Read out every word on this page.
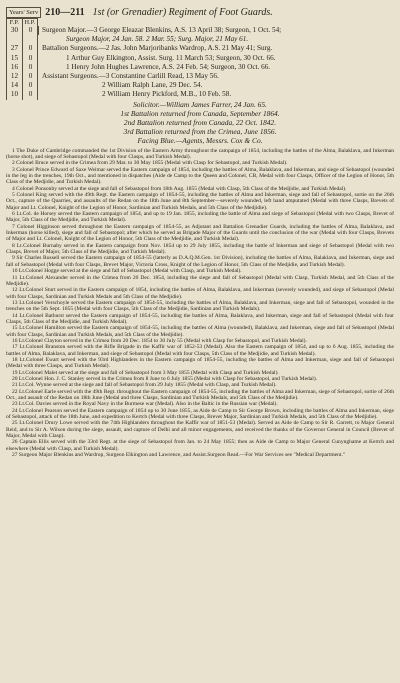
Years' Serv 210—211 1st (or Grenadier) Regiment of Foot Guards.
F.P. H.P.
30

27
15
16
12
14
10
0

0
0
0
0
0
0
Surgeon Major.—3 George Eleazar Blenkins, A.S. 13 April 38; Surgeon, 1 Oct. 54;
Surgeon Major, 24 Jan. 58. 2 Mar. 55; Surg. Major, 21 May 61.
Battalion Surgeons.—2 Jas. John Marjoribanks Wardrop, A.S. 21 May 41; Surg.
1 Arthur Guy Elkington, Assist. Surg. 11 March 53; Surgeon, 30 Oct. 66.
1 Henry John Hughes Lawrence, A.S. 24 Feb. 54; Surgeon, 30 Oct. 66.
Assistant Surgeons.—3 Constantine Carlill Read, 13 May 56.
2 William Ralph Lane, 29 Dec. 54.
2 William Henry Pickford, M.B., 10 Feb. 58.
Solicitor.—William James Farrer, 24 Jan. 65.
1st Battalion returned from Canada, September 1864.
2nd Battalion returned from Canada, 22 Oct. 1842.
3rd Battalion returned from the Crimea, June 1856.
Facing Blue.—Agents, Messrs. Cox & Co.

1 The Duke of Cambridge commanded the 1st Division of the Eastern Army throughout the campaign of 1854, including the battles of the Alma, Balaklava, and Inkerman (horse shot), and siege of Sebastopol (Medal with four Clasps, and Turkish Medal).

2 Colonel Bruce served in the Crimea from 29 Mar. to 30 May 1855 (Medal with Clasp for Sebastopol, and Turkish Medal).

3 Colonel Prince Edward of Saxe Weimar served the Eastern campaign of 1854, including the battles of Alma, Balaklava, and Inkerman, and siege of Sebastopol (wounded in the leg in the trenches, 19th Oct., and mentioned in dispatches (Aide de Camp to the Queen and Colonel, CB, Medal with four Clasps, Officer of the Legion of Honor, 5th Class of the Medjidie, and Turkish Medal).

4 Colonel Ponsonby served at the siege and fall of Sebastopol from 18th Aug. 1855 (Medal with Clasp, 5th Class of the Medjidie, and Turkish Medal).

5 Colonel King served with the 49th Regt. the Eastern campaign of 1854-55, including the battles of Alma and Inkerman, siege and fall of Sebastopol, sortie on the 26th Oct., capture of the Quarries, and assaults of the Redan on the 18th June and 8th September—severely wounded, left hand amputated (Medal with three Clasps, Brevets of Major and Lt. Colonel, Knight of the Legion of Honor, Sardinian and Turkish Medals, and 5th Class of the Medjidie).

6 Lt.Col. de Horsey served the Eastern campaign of 1854, and up to 19 Jan. 1855, including the battle of Alma and siege of Sebastopol (Medal with two Clasps, Brevet of Major, 5th Class of the Medjidie, and Turkish Medal).

7 Colonel Higginson served throughout the Eastern campaign of 1854-55, as Adjutant and Battalion Grenadier Guards, including the battles of Alma, Balaklava, and Inkerman (horse killed), siege and fall of Sebastopol; after which he served as Brigade Major of the Guards until the conclusion of the war (Medal with four Clasps, Brevets of Major and Lt. Colonel, Knight of the Legion of Honor, 5th Class of the Medjidie, and Turkish Medal).

8 Lt.Colonel Burnaby served in the Eastern campaign from Nov. 1854 up to 29 July 1855, including the battle of Inkerman and siege of Sebastopol (Medal with two Clasps, Brevet of Major, 5th Class of the Medjidie, and Turkish Medal).

9 Sir Charles Russell served the Eastern campaign of 1854-55 (latterly as D.A.Q.M.Gen. 1st Division), including the battles of Alma, Balaklava, and Inkerman, siege and fall of Sebastopol (Medal with four Clasps, Brevet Major, Victoria Cross, Knight of the Legion of Honor, 5th Class of the Medjidie, and Turkish Medal).

10 Lt.Colonel Hogge served at the siege and fall of Sebastopol (Medal with Clasp, and Turkish Medal).

11 Lt.Colonel Alexander served in the Crimea from 20 Dec. 1854, including the siege and fall of Sebastopol (Medal with Clasp, Turkish Medal, and 5th Class of the Medjidie).

12 Lt.Colonel Sturt served in the Eastern campaign of 1854, including the battles of Alma, Balaklava, and Inkerman (severely wounded), and siege of Sebastopol (Medal with four Clasps, Sardinian and Turkish Medals and 5th Class of the Medjidie).

13 Lt.Colonel Verschoyle served the Eastern campaign of 1854-55, including the battles of Alma, Balaklava, and Inkerman, siege and fall of Sebastopol, wounded in the trenches on the 5th Sept. 1855 (Medal with four Clasps, 5th Class of the Medjidie, Sardinian and Turkish Medals).

14 Lt.Colonel Bathurst served the Eastern campaign of 1854-55, including the battles of Alma, Balaklava, and Inkerman, siege and fall of Sebastopol (Medal with four Clasps, 5th Class of the Medjidie, and Turkish Medal).

15 Lt.Colonel Hamilton served the Eastern campaign of 1854-55, including the battles of Alma (wounded), Balaklava, and Inkerman, siege and fall of Sebastopol (Medal with four Clasps, Sardinian and Turkish Medals, and 5th Class of the Medjidie).

16 Lt.Colonel Clayton served in the Crimea from 20 Dec. 1854 to 30 July 55 (Medal with Clasp for Sebastopol, and Turkish Medal).

17 Lt.Colonel Branston served with the Rifle Brigade in the Kaffir war of 1852-53 (Medal). Also the Eastern campaign of 1854, and up to 6 Aug. 1855, including the battles of Alma, Balaklava, and Inkerman, and siege of Sebastopol (Medal with four Clasps, 5th Class of the Medjidie, and Turkish Medal).

18 Lt.Colonel Ewart served with the 93rd Highlanders in the Eastern campaign of 1854-55, including the battles of Alma and Inkerman, siege and fall of Sebastopol (Medal with three Clasps, and Turkish Medal).

19 Lt.Colonel Malet served at the siege and fall of Sebastopol from 3 May 1855 (Medal with Clasp and Turkish Medal).

20 Lt.Colonel Hon. J. C. Stanley served in the Crimea from 8 June to 6 July 1855 (Medal with Clasp for Sebastopol, and Turkish Medal).

21 Lt.Col. Wynne served at the siege and fall of Sebastopol from 29 July 1855 (Medal with Clasp, and Turkish Medal).

22 Lt.Colonel Earle served with the 49th Regt. throughout the Eastern campaign of 1854-55, including the battles of Alma and Inkerman, siege of Sebastopol, sortie of 26th Oct., and assault of the Redan on 18th June (Medal and three Clasps, Sardinian and Turkish Medals, and 5th Class of the Medjidie).

23 Lt.Col. Davies served in the Royal Navy in the Burmese war (Medal). Also in the Baltic in the Russian war (Medal).

24 Lt.Colonel Pearson served the Eastern campaign of 1854 up to 30 June 1855, as Aide de Camp to Sir George Brown, including the battles of Alma and Inkerman, siege of Sebastopol, attack of the 18th June, and expedition to Kertch (Medal with three Clasps, Brevet Major, Sardinian and Turkish Medals, and 5th Class of the Medjidie).

25 Lt.Colonel Drury Lowe served with the 74th Highlanders throughout the Kaffir war of 1851-53 (Medal). Served as Aide de Camp to Sir R. Garrett, to Major General Reid, and to Sir A. Wilson during the siege, assault, and capture of Delhi and all minor engagements, and received the thanks of the Governor General in Council (Brevet of Major, Medal with Clasp).

26 Captain Ellis served with the 33rd Regt. at the siege of Sebastopol from Jan. to 24 May 1855; then as Aide de Camp to Major General Cunynghame at Kertch and elsewhere (Medal with Clasp, and Turkish Medal).

27 Surgeon Major Blenkins and Wardrop, Surgeon Elkington and Lawrence, and Assist.Surgeon Read.—For War Services see "Medical Department."
